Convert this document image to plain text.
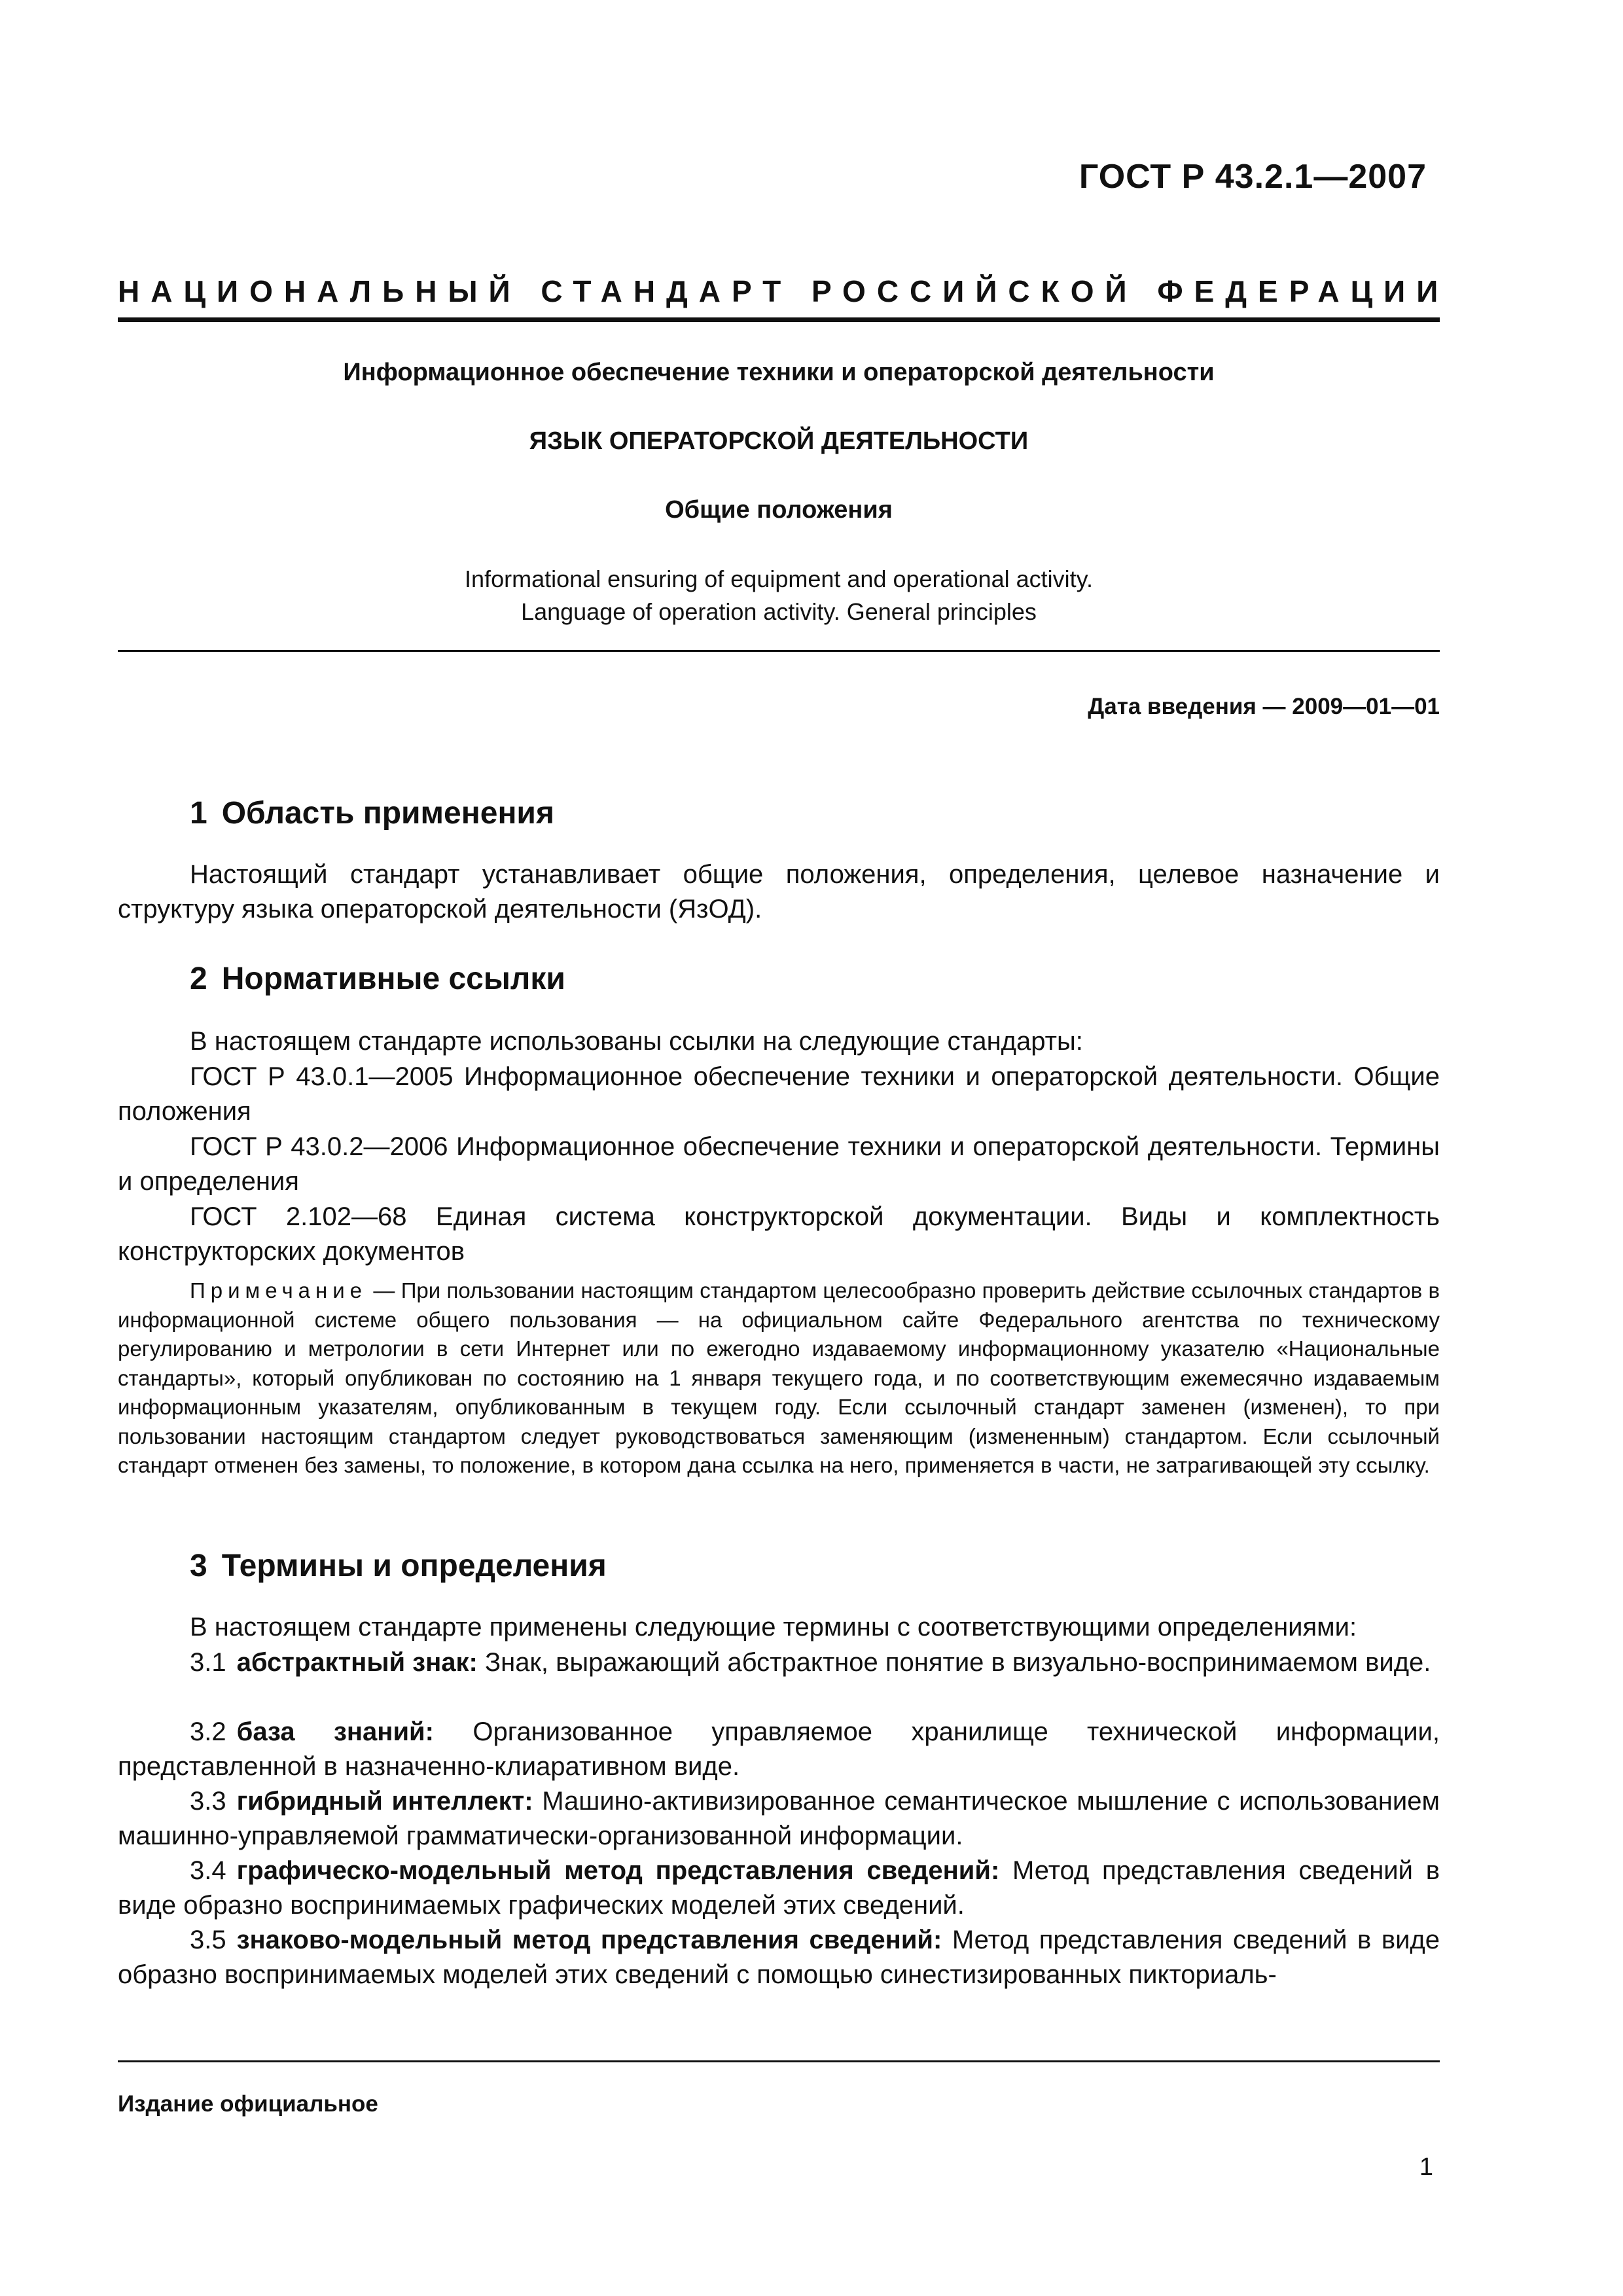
ГОСТ Р 43.2.1—2007
НАЦИОНАЛЬНЫЙ СТАНДАРТ РОССИЙСКОЙ ФЕДЕРАЦИИ
Информационное обеспечение техники и операторской деятельности
ЯЗЫК ОПЕРАТОРСКОЙ ДЕЯТЕЛЬНОСТИ
Общие положения
Informational ensuring of equipment and operational activity.
Language of operation activity. General principles
Дата введения — 2009—01—01
1 Область применения
Настоящий стандарт устанавливает общие положения, определения, целевое назначение и структуру языка операторской деятельности (ЯзОД).
2 Нормативные ссылки
В настоящем стандарте использованы ссылки на следующие стандарты:
ГОСТ Р 43.0.1—2005 Информационное обеспечение техники и операторской деятельности. Общие положения
ГОСТ Р 43.0.2—2006 Информационное обеспечение техники и операторской деятельности. Термины и определения
ГОСТ 2.102—68 Единая система конструкторской документации. Виды и комплектность конструкторских документов
Примечание — При пользовании настоящим стандартом целесообразно проверить действие ссылочных стандартов в информационной системе общего пользования — на официальном сайте Федерального агентства по техническому регулированию и метрологии в сети Интернет или по ежегодно издаваемому информационному указателю «Национальные стандарты», который опубликован по состоянию на 1 января текущего года, и по соответствующим ежемесячно издаваемым информационным указателям, опубликованным в текущем году. Если ссылочный стандарт заменен (изменен), то при пользовании настоящим стандартом следует руководствоваться заменяющим (измененным) стандартом. Если ссылочный стандарт отменен без замены, то положение, в котором дана ссылка на него, применяется в части, не затрагивающей эту ссылку.
3 Термины и определения
В настоящем стандарте применены следующие термины с соответствующими определениями:
3.1 абстрактный знак: Знак, выражающий абстрактное понятие в визуально-воспринимаемом виде.
3.2 база знаний: Организованное управляемое хранилище технической информации, представленной в назначенно-клиаративном виде.
3.3 гибридный интеллект: Машино-активизированное семантическое мышление с использованием машинно-управляемой грамматически-организованной информации.
3.4 графическо-модельный метод представления сведений: Метод представления сведений в виде образно воспринимаемых графических моделей этих сведений.
3.5 знаково-модельный метод представления сведений: Метод представления сведений в виде образно воспринимаемых моделей этих сведений с помощью синестизированных пикториаль-
Издание официальное
1
